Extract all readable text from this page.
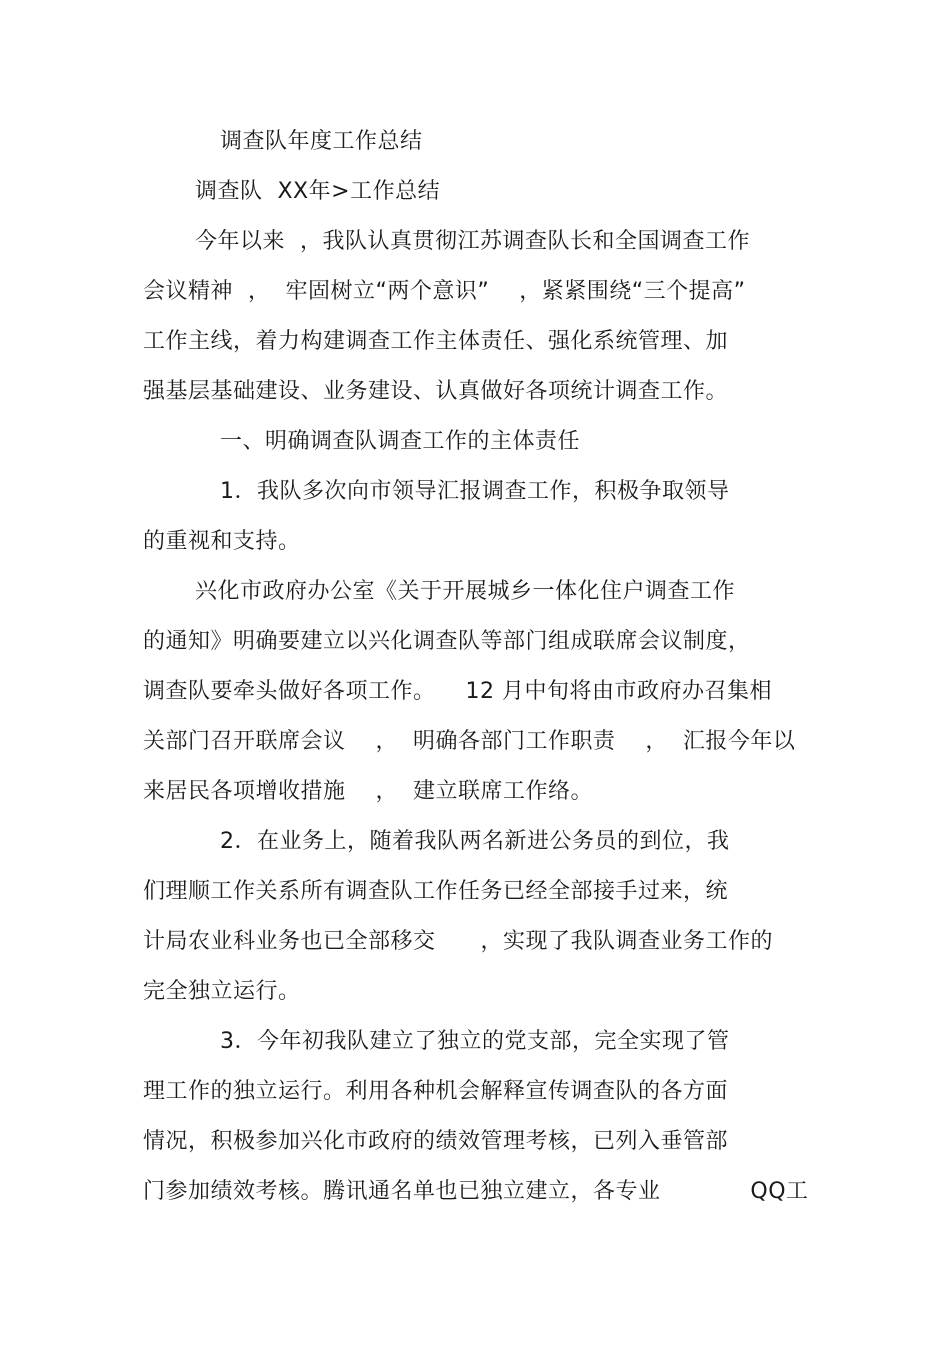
调查队年度工作总结
调查队  XX年>工作总结
今年以来  ，我队认真贯彻江苏调查队长和全国调查工作
会议精神  ，  牢固树立“两个意识”    ，紧紧围绕“三个提高”
工作主线，着力构建调查工作主体责任、强化系统管理、加
强基层基础建设、业务建设、认真做好各项统计调查工作。
一、明确调查队调查工作的主体责任
1．我队多次向市领导汇报调查工作，积极争取领导
的重视和支持。
兴化市政府办公室《关于开展城乡一体化住户调查工作
的通知》明确要建立以兴化调查队等部门组成联席会议制度，
调查队要牵头做好各项工作。    12 月中旬将由市政府办召集相
关部门召开联席会议    ，  明确各部门工作职责    ，  汇报今年以
来居民各项增收措施    ，  建立联席工作络。
2．在业务上，随着我队两名新进公务员的到位，我
们理顺工作关系所有调查队工作任务已经全部接手过来，统
计局农业科业务也已全部移交      ，实现了我队调查业务工作的
完全独立运行。
3．今年初我队建立了独立的党支部，完全实现了管
理工作的独立运行。利用各种机会解释宣传调查队的各方面
情况，积极参加兴化市政府的绩效管理考核，已列入垂管部
门参加绩效考核。腾讯通名单也已独立建立，各专业            QQ工
